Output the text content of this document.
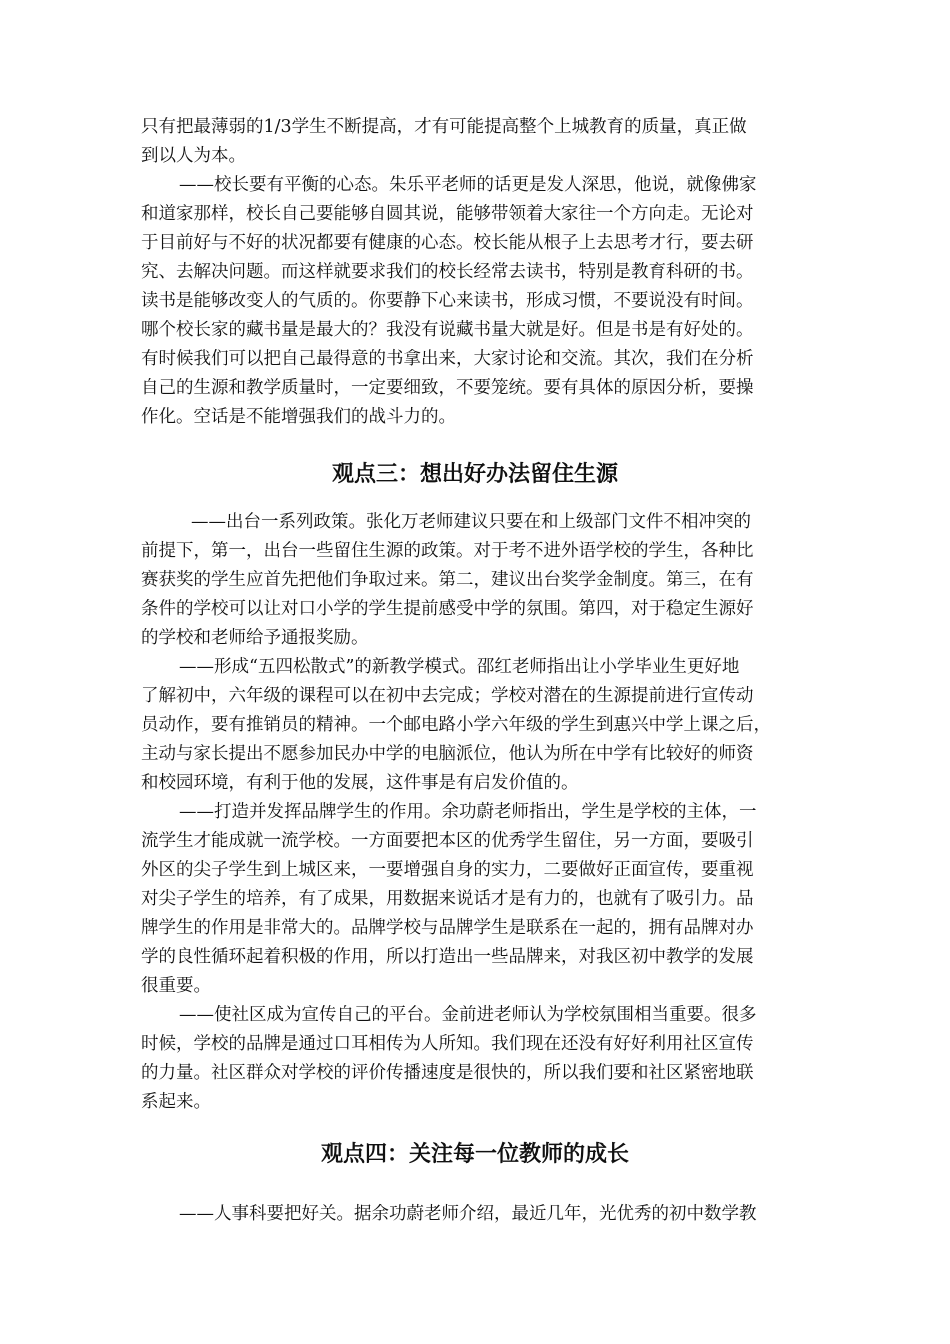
只有把最薄弱的1/3学生不断提高，才有可能提高整个上城教育的质量，真正做
到以人为本。
——校长要有平衡的心态。朱乐平老师的话更是发人深思，他说，就像佛家
和道家那样，校长自己要能够自圆其说，能够带领着大家往一个方向走。无论对
于目前好与不好的状况都要有健康的心态。校长能从根子上去思考才行，要去研
究、去解决问题。而这样就要求我们的校长经常去读书，特别是教育科研的书。
读书是能够改变人的气质的。你要静下心来读书，形成习惯，不要说没有时间。
哪个校长家的藏书量是最大的？我没有说藏书量大就是好。但是书是有好处的。
有时候我们可以把自己最得意的书拿出来，大家讨论和交流。其次，我们在分析
自己的生源和教学质量时，一定要细致，不要笼统。要有具体的原因分析，要操
作化。空话是不能增强我们的战斗力的。
观点三：想出好办法留住生源
——出台一系列政策。张化万老师建议只要在和上级部门文件不相冲突的
前提下，第一，出台一些留住生源的政策。对于考不进外语学校的学生，各种比
赛获奖的学生应首先把他们争取过来。第二，建议出台奖学金制度。第三，在有
条件的学校可以让对口小学的学生提前感受中学的氛围。第四，对于稳定生源好
的学校和老师给予通报奖励。
——形成“五四松散式”的新教学模式。邵红老师指出让小学毕业生更好地
了解初中，六年级的课程可以在初中去完成；学校对潜在的生源提前进行宣传动
员动作，要有推销员的精神。一个邮电路小学六年级的学生到惠兴中学上课之后，
主动与家长提出不愿参加民办中学的电脑派位，他认为所在中学有比较好的师资
和校园环境，有利于他的发展，这件事是有启发价值的。
——打造并发挥品牌学生的作用。余功蔚老师指出，学生是学校的主体，一
流学生才能成就一流学校。一方面要把本区的优秀学生留住，另一方面，要吸引
外区的尖子学生到上城区来，一要增强自身的实力，二要做好正面宣传，要重视
对尖子学生的培养，有了成果，用数据来说话才是有力的，也就有了吸引力。品
牌学生的作用是非常大的。品牌学校与品牌学生是联系在一起的，拥有品牌对办
学的良性循环起着积极的作用，所以打造出一些品牌来，对我区初中教学的发展
很重要。
——使社区成为宣传自己的平台。金前进老师认为学校氛围相当重要。很多
时候，学校的品牌是通过口耳相传为人所知。我们现在还没有好好利用社区宣传
的力量。社区群众对学校的评价传播速度是很快的，所以我们要和社区紧密地联
系起来。
观点四：关注每一位教师的成长
——人事科要把好关。据余功蔚老师介绍，最近几年，光优秀的初中数学教
